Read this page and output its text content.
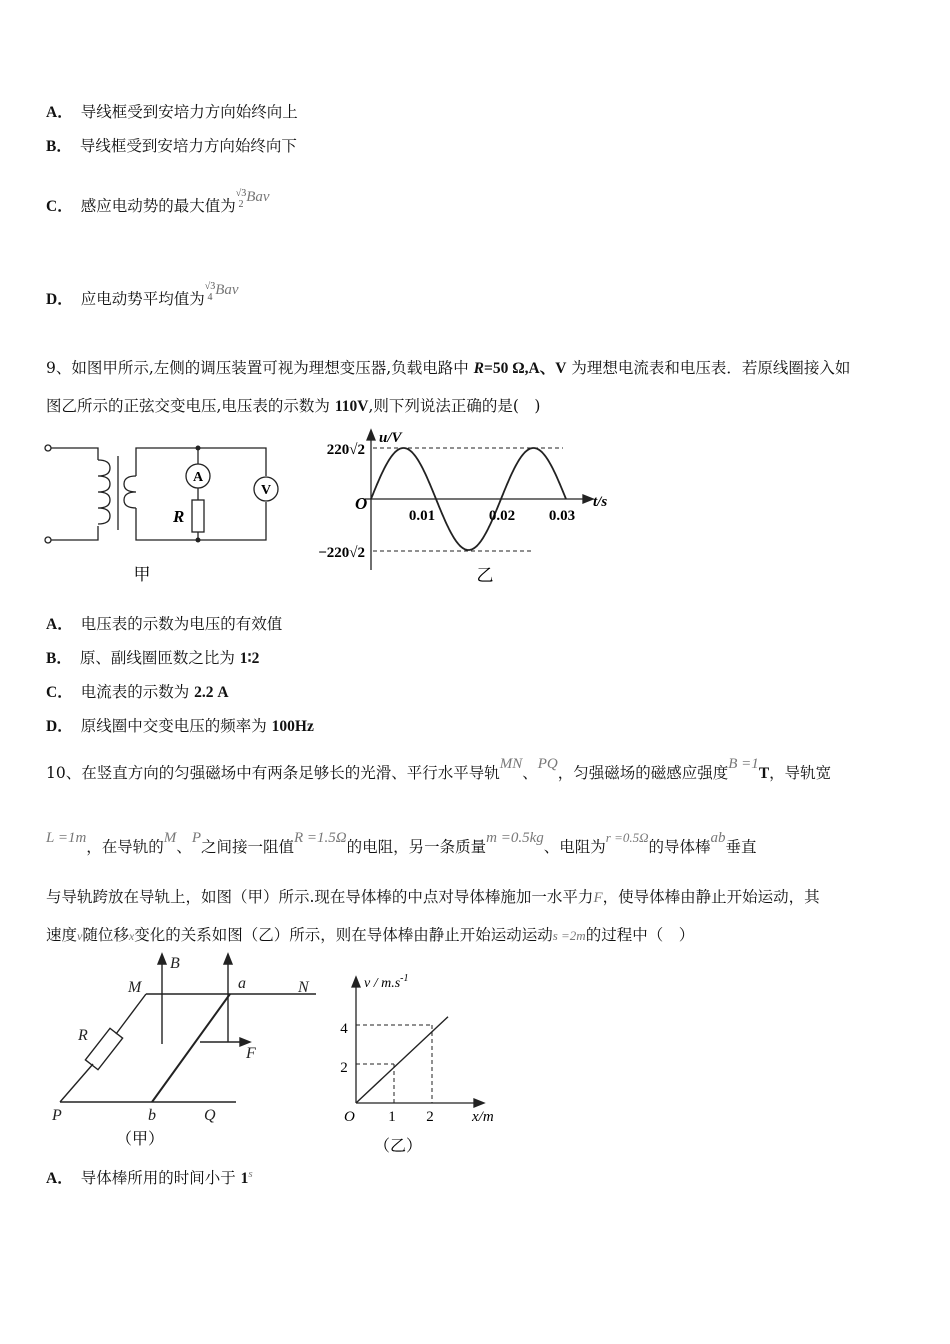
A． 导线框受到安培力方向始终向上
B． 导线框受到安培力方向始终向下
C． 感应电动势的最大值为
√3
2 Bav
D． 应电动势平均值为
√3
4 Bav
9、如图甲所示,左侧的调压装置可视为理想变压器,负载电路中 R=50 Ω,A、V 为理想电流表和电压表．若原线圈接入如
图乙所示的正弦交变电压,电压表的示数为 110V,则下列说法正确的是(　)
A
V
R
甲
u/V
t/s
O
220√2
−220√2
0.01	0.02 0.03
乙
A． 电压表的示数为电压的有效值
B． 原、副线圈匝数之比为 1∶2
C． 电流表的示数为 2.2 A
D． 原线圈中交变电压的频率为 100Hz
10、在竖直方向的匀强磁场中有两条足够长的光滑、平行水平导轨MN、PQ，匀强磁场的磁感应强度B =1T，导轨宽
L =1m，在导轨的M、P之间接一阻值R =1.5Ω的电阻，另一条质量m =0.5kg、电阻为$^{r =0.5\Omega}$的导体棒ab垂直
与导轨跨放在导轨上，如图（甲）所示.现在导体棒的中点对导体棒施加一水平力F，使导体棒由静止开始运动，其
速度v随位移x变化的关系如图（乙）所示，则在导体棒由静止开始运动运动s =2m的过程中（　）
B
M	a	N
R
F
P	b	Q
（甲）
v / $m.s^{-1}$
x/m
O
4
2
1 2
（乙）
A． 导体棒所用的时间小于 1$^s$
